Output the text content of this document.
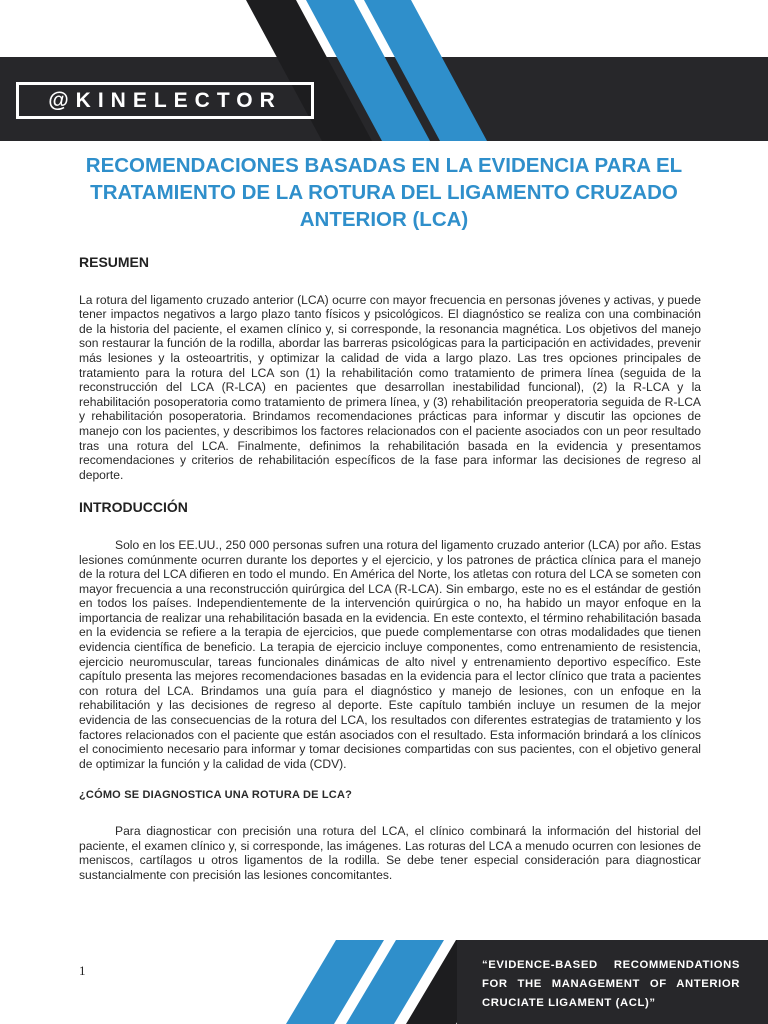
(Stephanie R. Filbay, Hege Grindem. 2019)
@KINELECTOR
RECOMENDACIONES BASADAS EN LA EVIDENCIA PARA EL TRATAMIENTO DE LA ROTURA DEL LIGAMENTO CRUZADO ANTERIOR (LCA)
RESUMEN

La rotura del ligamento cruzado anterior (LCA) ocurre con mayor frecuencia en personas jóvenes y activas, y puede tener impactos negativos a largo plazo tanto físicos y psicológicos. El diagnóstico se realiza con una combinación de la historia del paciente, el examen clínico y, si corresponde, la resonancia magnética. Los objetivos del manejo son restaurar la función de la rodilla, abordar las barreras psicológicas para la participación en actividades, prevenir más lesiones y la osteoartritis, y optimizar la calidad de vida a largo plazo. Las tres opciones principales de tratamiento para la rotura del LCA son (1) la rehabilitación como tratamiento de primera línea (seguida de la reconstrucción del LCA (R-LCA) en pacientes que desarrollan inestabilidad funcional), (2) la R-LCA y la rehabilitación posoperatoria como tratamiento de primera línea, y (3) rehabilitación preoperatoria seguida de R-LCA y rehabilitación posoperatoria. Brindamos recomendaciones prácticas para informar y discutir las opciones de manejo con los pacientes, y describimos los factores relacionados con el paciente asociados con un peor resultado tras una rotura del LCA. Finalmente, definimos la rehabilitación basada en la evidencia y presentamos recomendaciones y criterios de rehabilitación específicos de la fase para informar las decisiones de regreso al deporte.

INTRODUCCIÓN

Solo en los EE.UU., 250 000 personas sufren una rotura del ligamento cruzado anterior (LCA) por año. Estas lesiones comúnmente ocurren durante los deportes y el ejercicio, y los patrones de práctica clínica para el manejo de la rotura del LCA difieren en todo el mundo. En América del Norte, los atletas con rotura del LCA se someten con mayor frecuencia a una reconstrucción quirúrgica del LCA (R-LCA). Sin embargo, este no es el estándar de gestión en todos los países. Independientemente de la intervención quirúrgica o no, ha habido un mayor enfoque en la importancia de realizar una rehabilitación basada en la evidencia. En este contexto, el término rehabilitación basada en la evidencia se refiere a la terapia de ejercicios, que puede complementarse con otras modalidades que tienen evidencia científica de beneficio. La terapia de ejercicio incluye componentes, como entrenamiento de resistencia, ejercicio neuromuscular, tareas funcionales dinámicas de alto nivel y entrenamiento deportivo específico. Este capítulo presenta las mejores recomendaciones basadas en la evidencia para el lector clínico que trata a pacientes con rotura del LCA. Brindamos una guía para el diagnóstico y manejo de lesiones, con un enfoque en la rehabilitación y las decisiones de regreso al deporte. Este capítulo también incluye un resumen de la mejor evidencia de las consecuencias de la rotura del LCA, los resultados con diferentes estrategias de tratamiento y los factores relacionados con el paciente que están asociados con el resultado. Esta información brindará a los clínicos el conocimiento necesario para informar y tomar decisiones compartidas con sus pacientes, con el objetivo general de optimizar la función y la calidad de vida (CDV).

¿CÓMO SE DIAGNOSTICA UNA ROTURA DE LCA?

Para diagnosticar con precisión una rotura del LCA, el clínico combinará la información del historial del paciente, el examen clínico y, si corresponde, las imágenes. Las roturas del LCA a menudo ocurren con lesiones de meniscos, cartílagos u otros ligamentos de la rodilla. Se debe tener especial consideración para diagnosticar sustancialmente con precisión las lesiones concomitantes.

1	“EVIDENCE-BASED RECOMMENDATIONS FOR THE MANAGEMENT OF ANTERIOR CRUCIATE LIGAMENT (ACL)”
